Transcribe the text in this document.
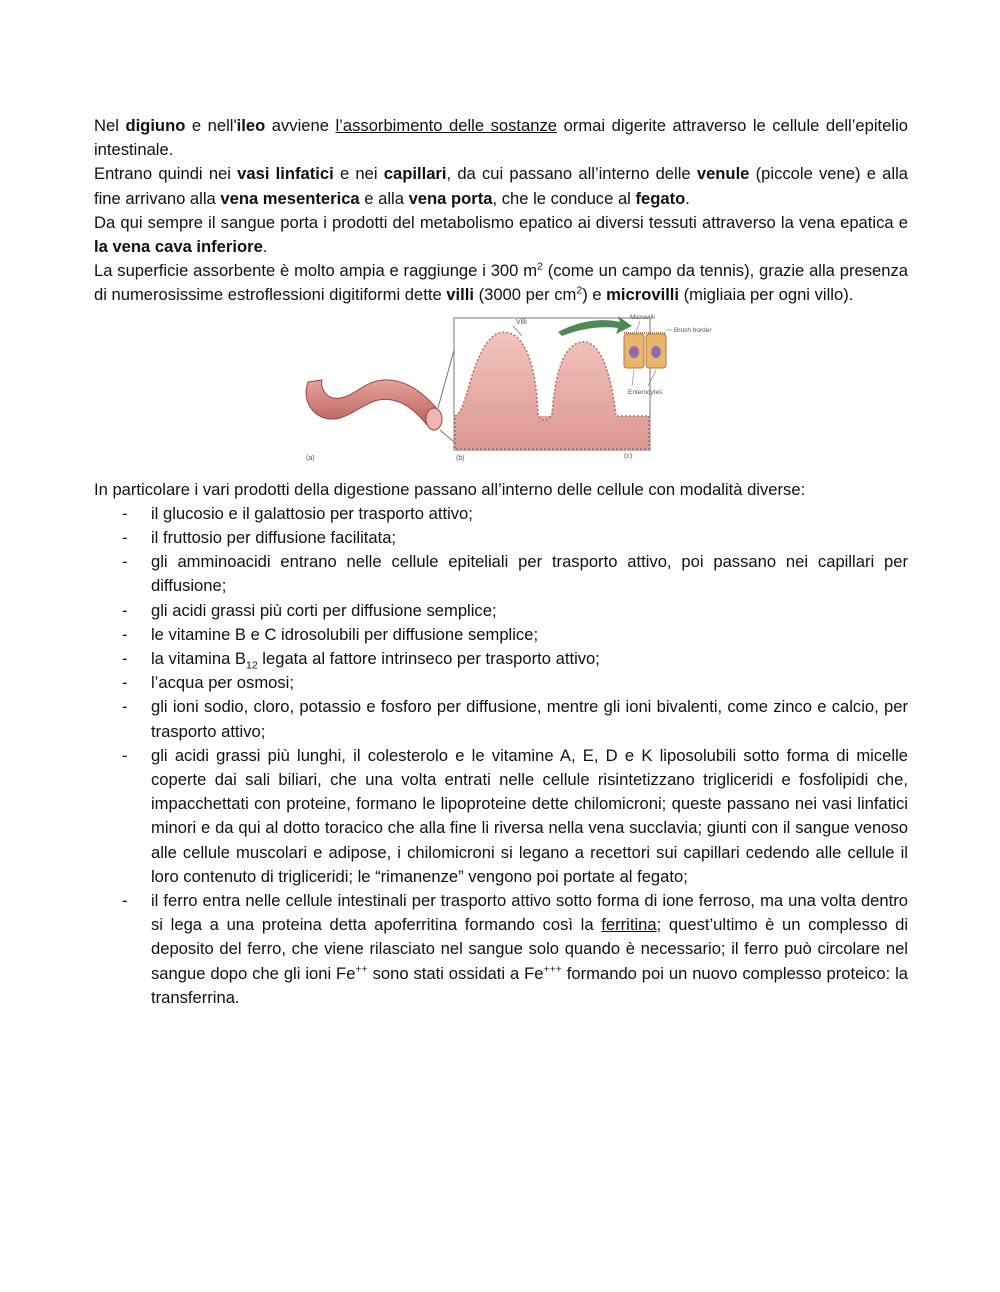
Nel digiuno e nell'ileo avviene l’assorbimento delle sostanze ormai digerite attraverso le cellule dell’epitelio intestinale.

Entrano quindi nei vasi linfatici e nei capillari, da cui passano all’interno delle venule (piccole vene) e alla fine arrivano alla vena mesenterica e alla vena porta, che le conduce al fegato.

Da qui sempre il sangue porta i prodotti del metabolismo epatico ai diversi tessuti attraverso la vena epatica e la vena cava inferiore.

La superficie assorbente è molto ampia e raggiunge i 300 $m^2$ (come un campo da tennis), grazie alla presenza di numerosissime estroflessioni digitiformi dette villi (3000 per $cm^2$) e microvilli (migliaia per ogni villo).

(a)
Villi
(b)
Microvilli
Brush border
Enterocytes
(c)

In particolare i vari prodotti della digestione passano all’interno delle cellule con modalità diverse:

- il glucosio e il galattosio per trasporto attivo;
- il fruttosio per diffusione facilitata;
- gli amminoacidi entrano nelle cellule epiteliali per trasporto attivo, poi passano nei capillari per diffusione;
- gli acidi grassi più corti per diffusione semplice;
- le vitamine B e C idrosolubili per diffusione semplice;
- la vitamina $B_{12}$ legata al fattore intrinseco per trasporto attivo;
- l’acqua per osmosi;
- gli ioni sodio, cloro, potassio e fosforo per diffusione, mentre gli ioni bivalenti, come zinco e calcio, per trasporto attivo;
- gli acidi grassi più lunghi, il colesterolo e le vitamine A, E, D e K liposolubili sotto forma di micelle coperte dai sali biliari, che una volta entrati nelle cellule risintetizzano trigliceridi e fosfolipidi che, impacchettati con proteine, formano le lipoproteine dette chilomicroni; queste passano nei vasi linfatici minori e da qui al dotto toracico che alla fine li riversa nella vena succlavia; giunti con il sangue venoso alle cellule muscolari e adipose, i chilomicroni si legano a recettori sui capillari cedendo alle cellule il loro contenuto di trigliceridi; le “rimanenze” vengono poi portate al fegato;
- il ferro entra nelle cellule intestinali per trasporto attivo sotto forma di ione ferroso, ma una volta dentro si lega a una proteina detta apoferritina formando così la ferritina; quest’ultimo è un complesso di deposito del ferro, che viene rilasciato nel sangue solo quando è necessario; il ferro può circolare nel sangue dopo che gli ioni Fe++ sono stati ossidati a Fe+++ formando poi un nuovo complesso proteico: la transferrina.
